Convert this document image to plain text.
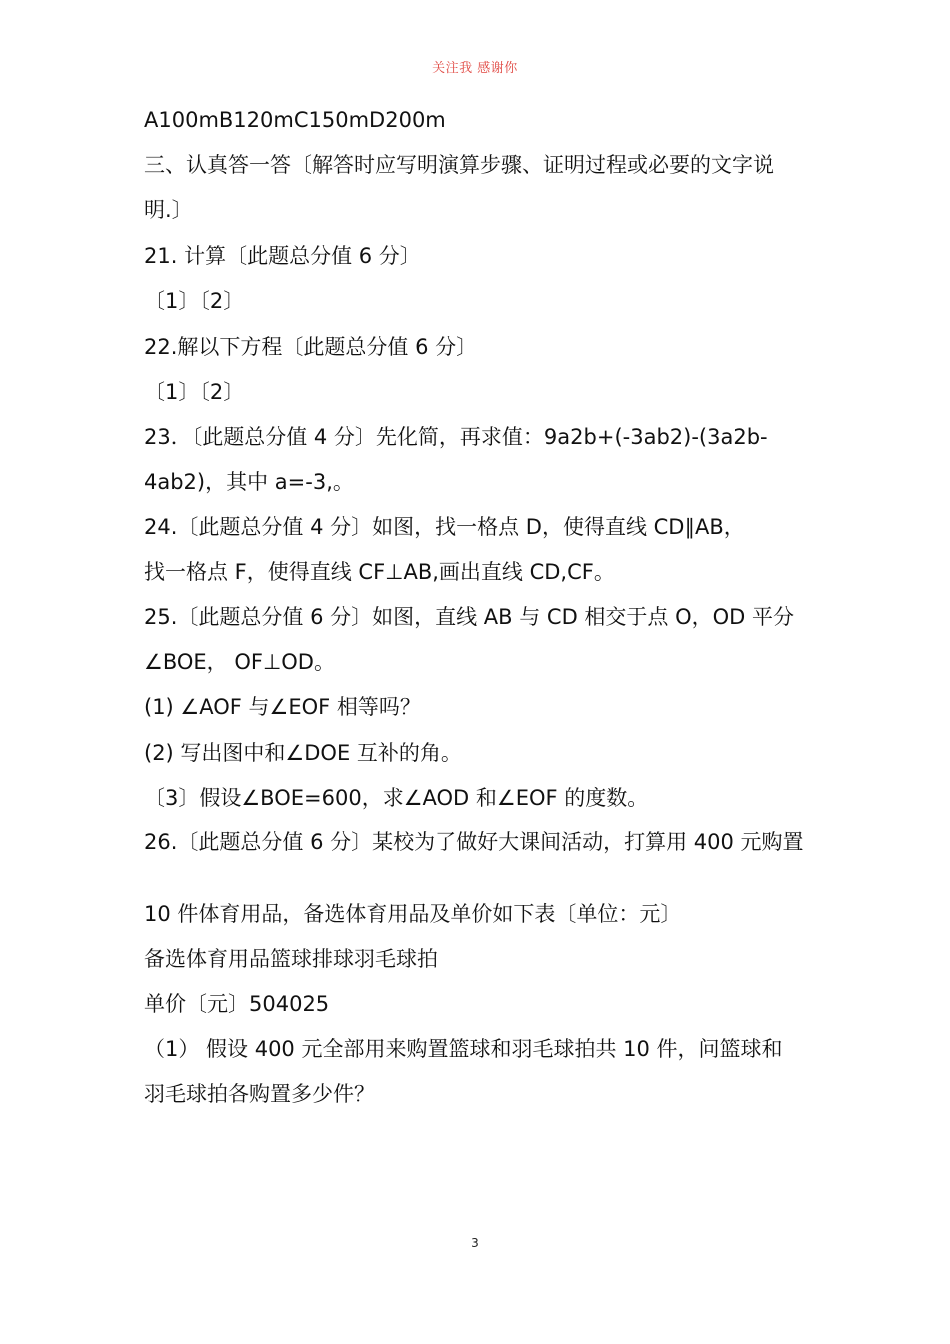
关注我 感谢你
A100mB120mC150mD200m
三、认真答一答〔解答时应写明演算步骤、证明过程或必要的文字说
明.〕
21. 计算〔此题总分值 6 分〕
〔1〕〔2〕
22.解以下方程〔此题总分值 6 分〕
〔1〕〔2〕
23．〔此题总分值 4 分〕先化简，再求值：9a2b+(-3ab2)-(3a2b-
4ab2)，其中 a=-3,。
24.〔此题总分值 4 分〕如图，找一格点 D，使得直线 CD∥AB，
找一格点 F，使得直线 CF⊥AB,画出直线 CD,CF。
25.〔此题总分值 6 分〕如图，直线 AB 与 CD 相交于点 O，OD 平分
∠BOE， OF⊥OD。
(1) ∠AOF 与∠EOF 相等吗？
(2) 写出图中和∠DOE 互补的角。
〔3〕假设∠BOE=600，求∠AOD 和∠EOF 的度数。
26.〔此题总分值 6 分〕某校为了做好大课间活动，打算用 400 元购置
10 件体育用品，备选体育用品及单价如下表〔单位：元〕
备选体育用品篮球排球羽毛球拍
单价〔元〕504025
（1） 假设 400 元全部用来购置篮球和羽毛球拍共 10 件，问篮球和
羽毛球拍各购置多少件？
3
